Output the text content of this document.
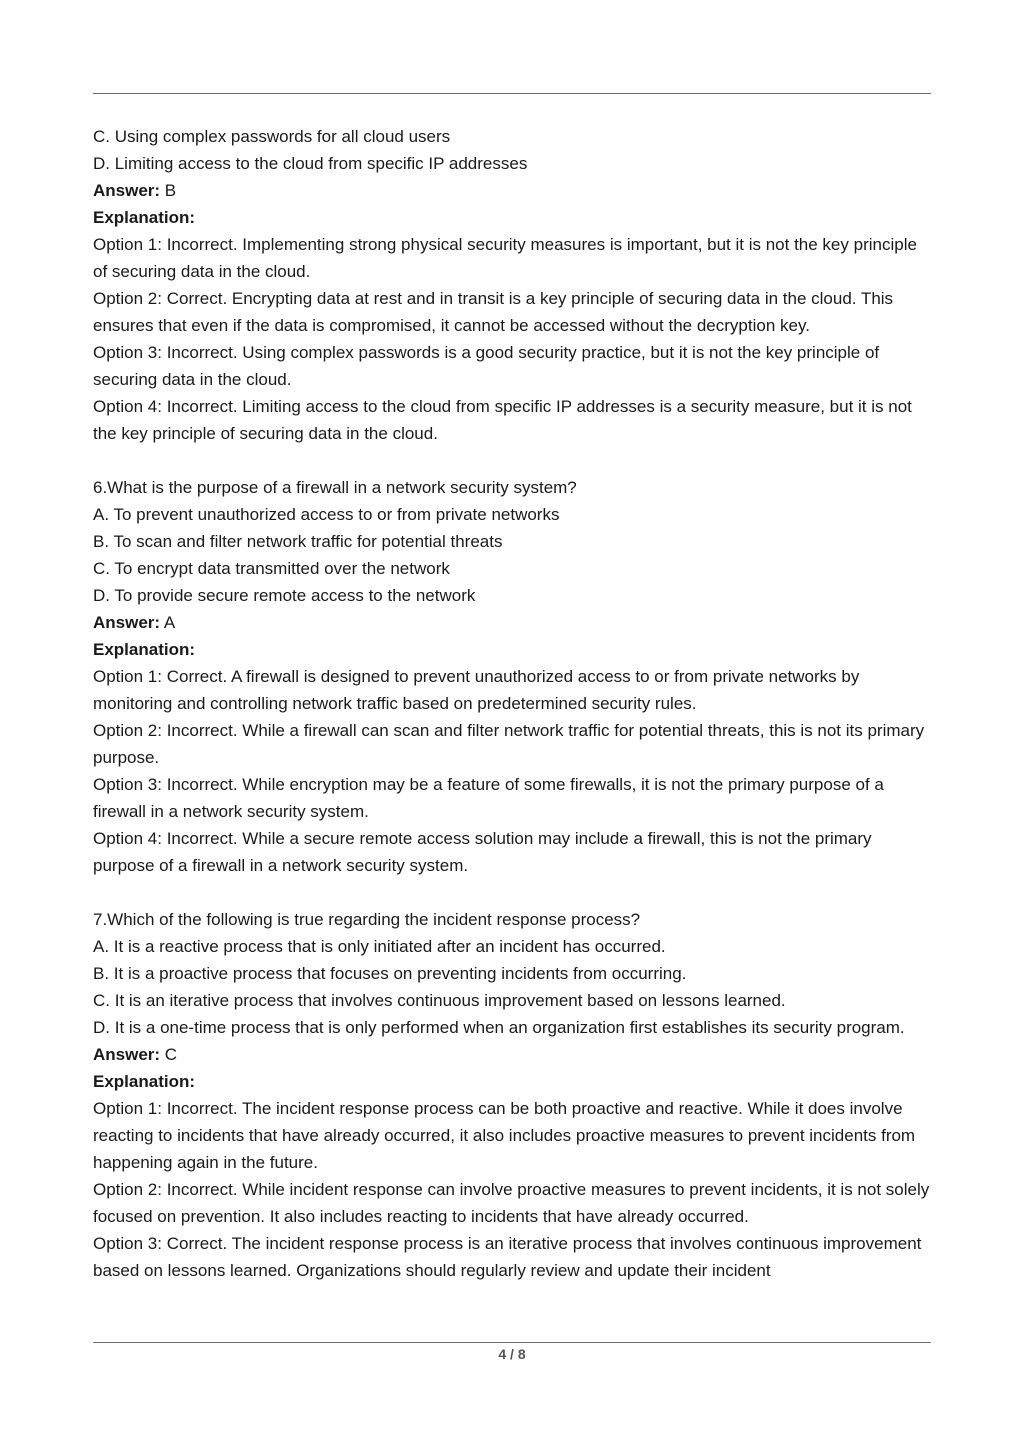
C. Using complex passwords for all cloud users
D. Limiting access to the cloud from specific IP addresses
Answer: B
Explanation:
Option 1: Incorrect. Implementing strong physical security measures is important, but it is not the key principle of securing data in the cloud.
Option 2: Correct. Encrypting data at rest and in transit is a key principle of securing data in the cloud. This ensures that even if the data is compromised, it cannot be accessed without the decryption key.
Option 3: Incorrect. Using complex passwords is a good security practice, but it is not the key principle of securing data in the cloud.
Option 4: Incorrect. Limiting access to the cloud from specific IP addresses is a security measure, but it is not the key principle of securing data in the cloud.
6.What is the purpose of a firewall in a network security system?
A. To prevent unauthorized access to or from private networks
B. To scan and filter network traffic for potential threats
C. To encrypt data transmitted over the network
D. To provide secure remote access to the network
Answer: A
Explanation:
Option 1: Correct. A firewall is designed to prevent unauthorized access to or from private networks by monitoring and controlling network traffic based on predetermined security rules.
Option 2: Incorrect. While a firewall can scan and filter network traffic for potential threats, this is not its primary purpose.
Option 3: Incorrect. While encryption may be a feature of some firewalls, it is not the primary purpose of a firewall in a network security system.
Option 4: Incorrect. While a secure remote access solution may include a firewall, this is not the primary purpose of a firewall in a network security system.
7.Which of the following is true regarding the incident response process?
A. It is a reactive process that is only initiated after an incident has occurred.
B. It is a proactive process that focuses on preventing incidents from occurring.
C. It is an iterative process that involves continuous improvement based on lessons learned.
D. It is a one-time process that is only performed when an organization first establishes its security program.
Answer: C
Explanation:
Option 1: Incorrect. The incident response process can be both proactive and reactive. While it does involve reacting to incidents that have already occurred, it also includes proactive measures to prevent incidents from happening again in the future.
Option 2: Incorrect. While incident response can involve proactive measures to prevent incidents, it is not solely focused on prevention. It also includes reacting to incidents that have already occurred.
Option 3: Correct. The incident response process is an iterative process that involves continuous improvement based on lessons learned. Organizations should regularly review and update their incident
4 / 8
